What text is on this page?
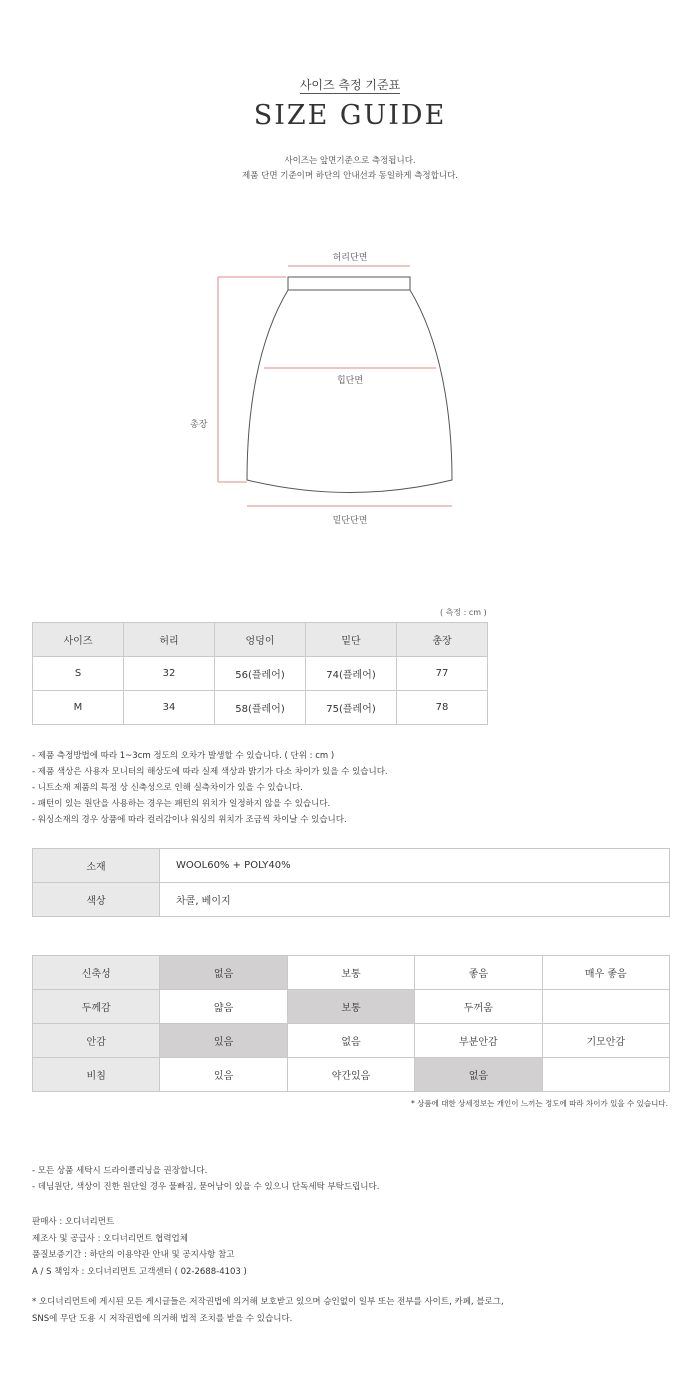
사이즈 측정 기준표
SIZE GUIDE
사이즈는 앞면기준으로 측정됩니다.
제품 단면 기준이며 하단의 안내선과 동일하게 측정합니다.
허리단면
힙단면
총장
밑단단면
( 측정 : cm )
사이즈	허리	엉덩이	밑단	총장
S	32	56(플레어)	74(플레어)	77
M	34	58(플레어)	75(플레어)	78
- 제품 측정방법에 따라 1~3cm 정도의 오차가 발생할 수 있습니다. ( 단위 : cm )
- 제품 색상은 사용자 모니터의 해상도에 따라 실제 색상과 밝기가 다소 차이가 있을 수 있습니다.
- 니트소재 제품의 특정 상 신축성으로 인해 실측차이가 있을 수 있습니다.
- 패턴이 있는 원단을 사용하는 경우는 패턴의 위치가 일정하지 않을 수 있습니다.
- 워싱소재의 경우 상품에 따라 컬러감이나 워싱의 위치가 조금씩 차이날 수 있습니다.
소재	WOOL60% + POLY40%
색상	차콜, 베이지
신축성	없음	보통	좋음	매우 좋음
두께감	얇음	보통	두꺼움	
안감	있음	없음	부분안감	기모안감
비침	있음	약간있음	없음	
* 상품에 대한 상세정보는 개인이 느끼는 정도에 따라 차이가 있을 수 있습니다.
- 모든 상품 세탁시 드라이클리닝을 권장합니다.
- 데님원단, 색상이 진한 원단일 경우 물빠짐, 묻어남이 있을 수 있으니 단독세탁 부탁드립니다.
판매사 : 오디너리먼트
제조사 및 공급사 : 오디너리먼트 협력업체
품질보증기간 : 하단의 이용약관 안내 및 공지사항 참고
A / S 책임자 : 오디너리먼트 고객센터 ( 02-2688-4103 )
* 오디너리먼트에 게시된 모든 게시글들은 저작권법에 의거해 보호받고 있으며 승인없이 일부 또는 전부를 사이트, 카페, 블로그,
SNS에 무단 도용 시 저작권법에 의거해 법적 조치를 받을 수 있습니다.
